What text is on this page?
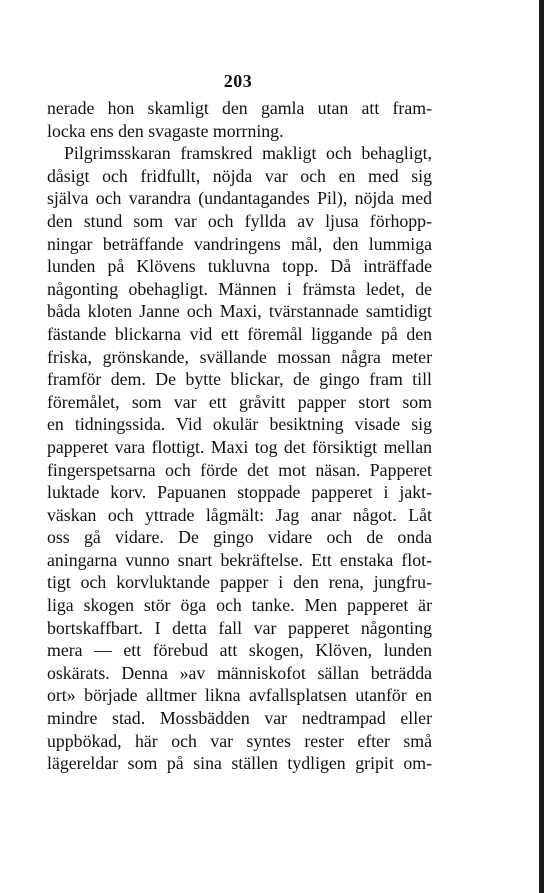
203
nerade hon skamligt den gamla utan att fram-
locka ens den svagaste morrning.
Pilgrimsskaran framskred makligt och behagligt,
dåsigt och fridfullt, nöjda var och en med sig
själva och varandra (undantagandes Pil), nöjda med
den stund som var och fyllda av ljusa förhopp-
ningar beträffande vandringens mål, den lummiga
lunden på Klövens tukluvna topp. Då inträffade
någonting obehagligt. Männen i främsta ledet, de
båda kloten Janne och Maxi, tvärstannade samtidigt
fästande blickarna vid ett föremål liggande på den
friska, grönskande, svällande mossan några meter
framför dem. De bytte blickar, de gingo fram till
föremålet, som var ett gråvitt papper stort som
en tidningssida. Vid okulär besiktning visade sig
papperet vara flottigt. Maxi tog det försiktigt mellan
fingerspetsarna och förde det mot näsan. Papperet
luktade korv. Papuanen stoppade papperet i jakt-
väskan och yttrade lågmält: Jag anar något. Låt
oss gå vidare. De gingo vidare och de onda
aningarna vunno snart bekräftelse. Ett enstaka flot-
tigt och korvluktande papper i den rena, jungfru-
liga skogen stör öga och tanke. Men papperet är
bortskaffbart. I detta fall var papperet någonting
mera — ett förebud att skogen, Klöven, lunden
oskärats. Denna »av människofot sällan beträdda
ort» började alltmer likna avfallsplatsen utanför en
mindre stad. Mossbädden var nedtrampad eller
uppbökad, här och var syntes rester efter små
lägereldar som på sina ställen tydligen gripit om-
